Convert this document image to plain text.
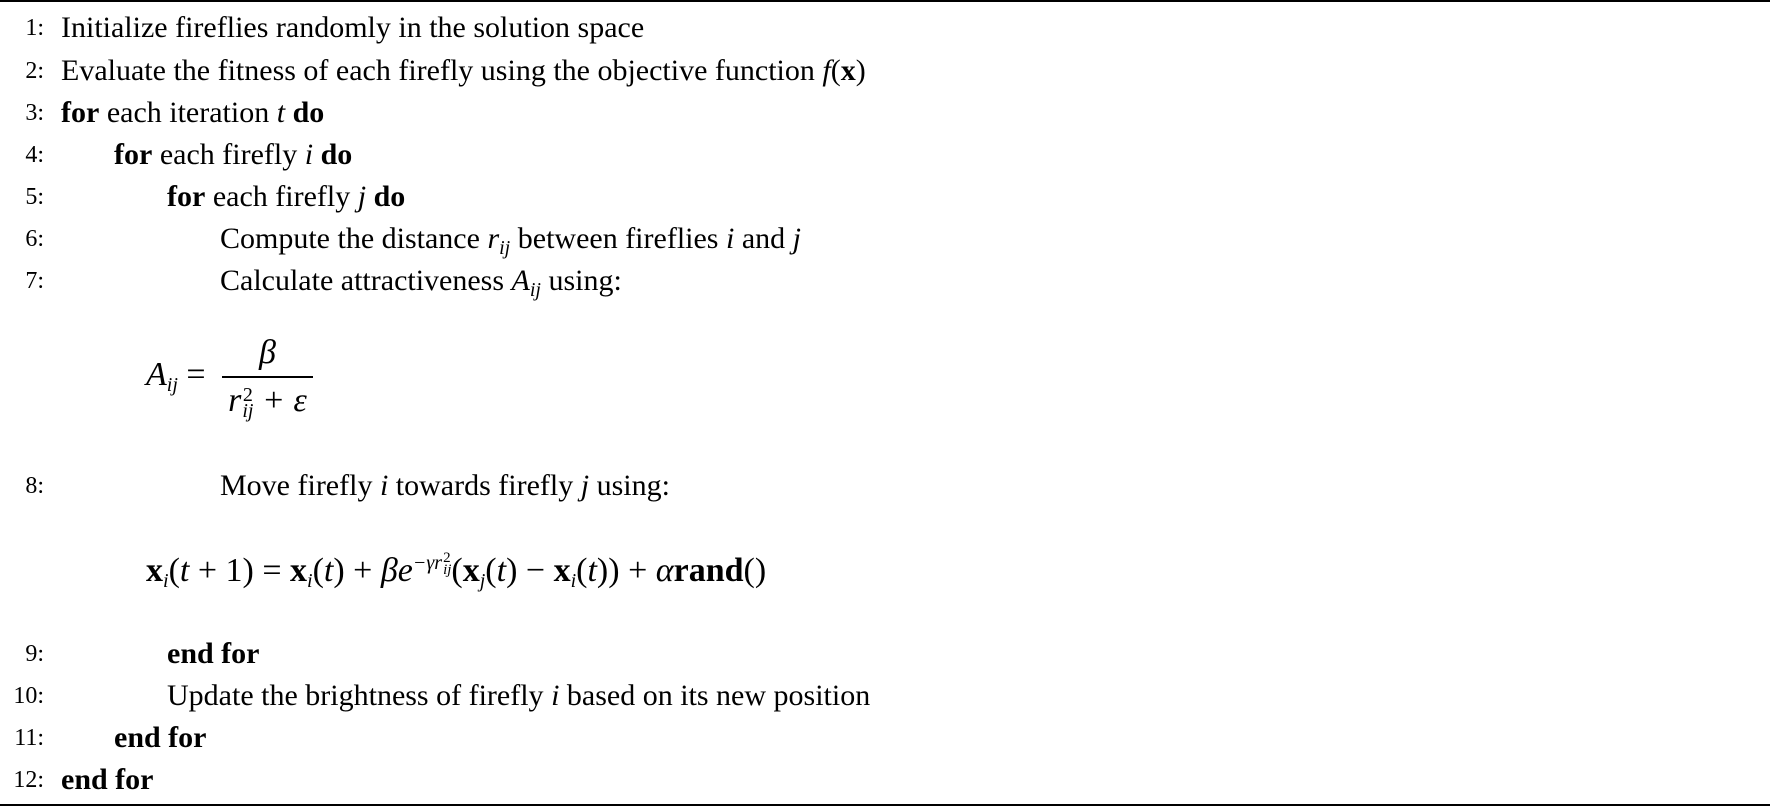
1: Initialize fireflies randomly in the solution space
2: Evaluate the fitness of each firefly using the objective function f(x)
3: for each iteration t do
4: for each firefly i do
5:	for each firefly j do
6:	Compute the distance $r_{ij}$ between fireflies i and j
7:	Calculate attractiveness $A_{ij}$ using:
$A_{ij} = \beta$
r 2
ij + ε
8:	Move firefly i towards firefly j using:
$x_i(t + 1) = x_i(t) + \beta e^{-\gamma r 2 ij}$ $(x_j(t) - x_i(t))$ + αrand()
9:	end for
10:	Update the brightness of firefly i based on its new position
11: end for
12: end for
